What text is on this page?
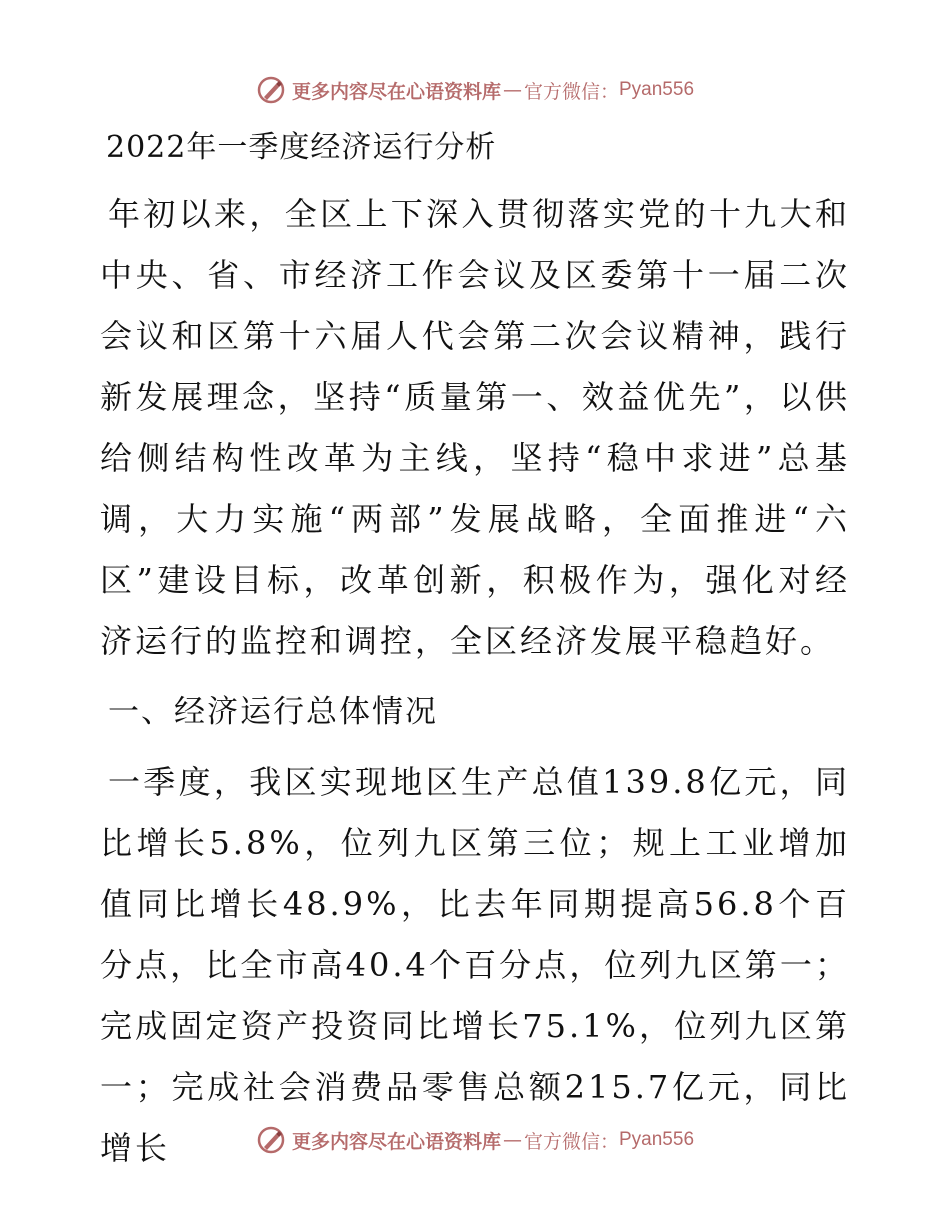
更多内容尽在心语资料库 — 官方微信： Pyan556
2022年一季度经济运行分析
年初以来，全区上下深入贯彻落实党的十九大和中央、省、市经济工作会议及区委第十一届二次会议和区第十六届人代会第二次会议精神，践行新发展理念，坚持“质量第一、效益优先”，以供给侧结构性改革为主线，坚持“稳中求进”总基调，大力实施“两部”发展战略，全面推进“六区”建设目标，改革创新，积极作为，强化对经济运行的监控和调控，全区经济发展平稳趋好。
一、经济运行总体情况
一季度，我区实现地区生产总值139.8亿元，同比增长5.8%，位列九区第三位；规上工业增加值同比增长48.9%，比去年同期提高56.8个百分点，比全市高40.4个百分点，位列九区第一；完成固定资产投资同比增长75.1%，位列九区第一；完成社会消费品零售总额215.7亿元，同比增长	更多内容尽在心语资料库 — 官方微信： Pyan556
